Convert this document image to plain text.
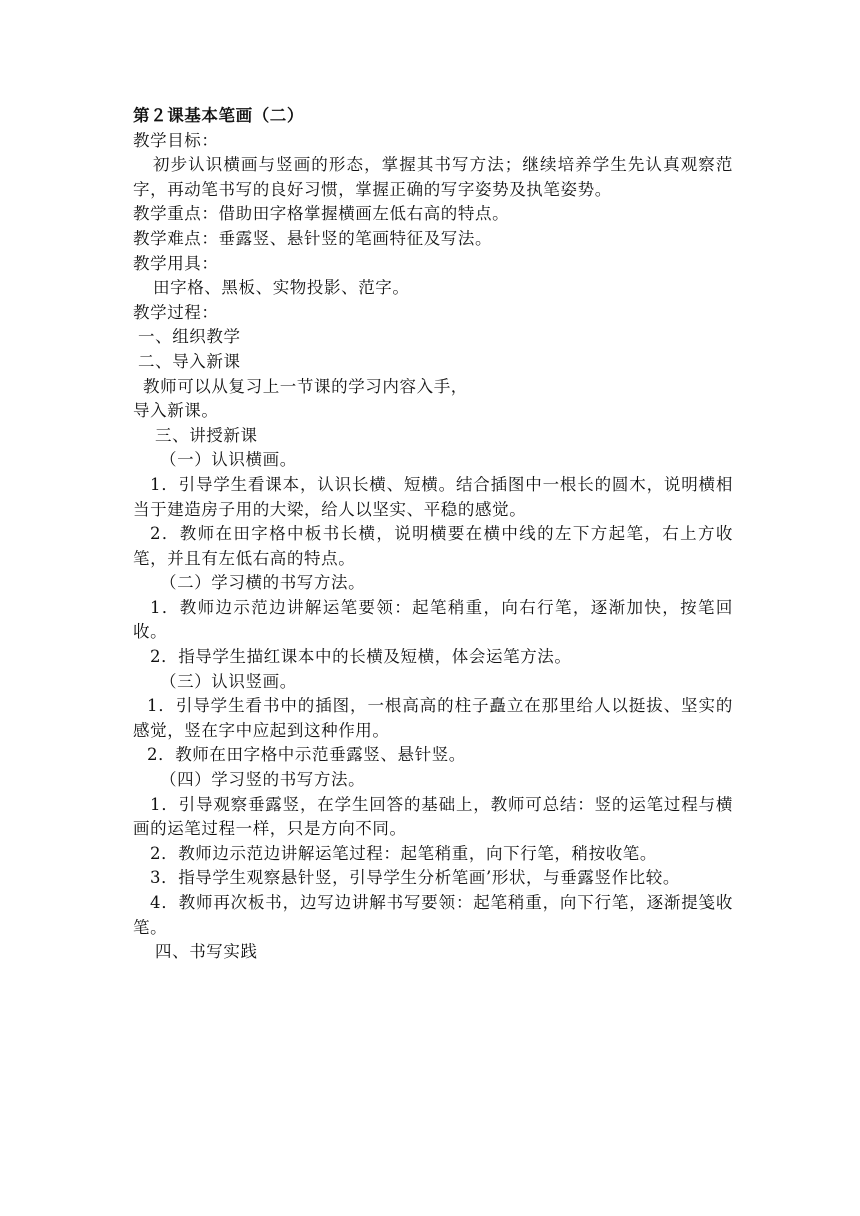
第２课基本笔画（二）

教学目标：

初步认识横画与竖画的形态，掌握其书写方法；继续培养学生先认真观察范字，再动笔书写的良好习惯，掌握正确的写字姿势及执笔姿势。

教学重点：借助田字格掌握横画左低右高的特点。

教学难点：垂露竖、悬针竖的笔画特征及写法。

教学用具：

田字格、黑板、实物投影、范字。

教学过程：

一、组织教学

二、导入新课

教师可以从复习上一节课的学习内容入手，

导入新课。

三、讲授新课

（一）认识横画。

1．引导学生看课本，认识长横、短横。结合插图中一根长的圆木，说明横相当于建造房子用的大梁，给人以坚实、平稳的感觉。

2．教师在田字格中板书长横，说明横要在横中线的左下方起笔，右上方收笔，并且有左低右高的特点。

（二）学习横的书写方法。

1．教师边示范边讲解运笔要领：起笔稍重，向右行笔，逐渐加快，按笔回收。

2．指导学生描红课本中的长横及短横，体会运笔方法。

（三）认识竖画。

1．引导学生看书中的插图，一根高高的柱子矗立在那里给人以挺拔、坚实的感觉，竖在字中应起到这种作用。

2．教师在田字格中示范垂露竖、悬针竖。

（四）学习竖的书写方法。

1．引导观察垂露竖，在学生回答的基础上，教师可总结：竖的运笔过程与横画的运笔过程一样，只是方向不同。

2．教师边示范边讲解运笔过程：起笔稍重，向下行笔，稍按收笔。

3．指导学生观察悬针竖，引导学生分析笔画’形状，与垂露竖作比较。

4．教师再次板书，边写边讲解书写要领：起笔稍重，向下行笔，逐渐提笺收笔。

四、书写实践
